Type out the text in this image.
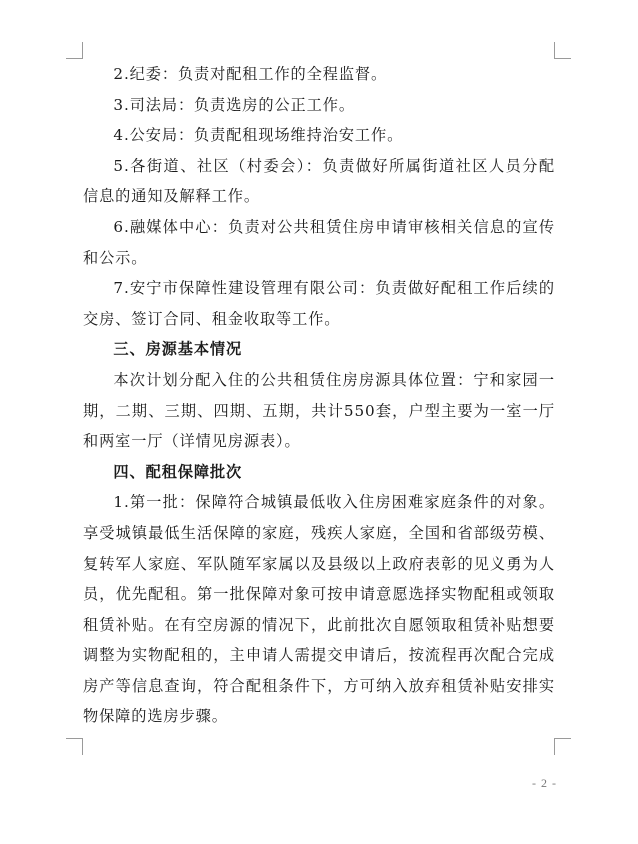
2.纪委：负责对配租工作的全程监督。

3.司法局：负责选房的公正工作。

4.公安局：负责配租现场维持治安工作。

5.各街道、社区（村委会）：负责做好所属街道社区人员分配信息的通知及解释工作。

6.融媒体中心：负责对公共租赁住房申请审核相关信息的宣传和公示。

7.安宁市保障性建设管理有限公司：负责做好配租工作后续的交房、签订合同、租金收取等工作。

三、房源基本情况

本次计划分配入住的公共租赁住房房源具体位置：宁和家园一期，二期、三期、四期、五期，共计550套，户型主要为一室一厅和两室一厅（详情见房源表）。

四、配租保障批次

1.第一批：保障符合城镇最低收入住房困难家庭条件的对象。享受城镇最低生活保障的家庭，残疾人家庭，全国和省部级劳模、复转军人家庭、军队随军家属以及县级以上政府表彰的见义勇为人员，优先配租。第一批保障对象可按申请意愿选择实物配租或领取租赁补贴。在有空房源的情况下，此前批次自愿领取租赁补贴想要调整为实物配租的，主申请人需提交申请后，按流程再次配合完成房产等信息查询，符合配租条件下，方可纳入放弃租赁补贴安排实物保障的选房步骤。

- 2 -
